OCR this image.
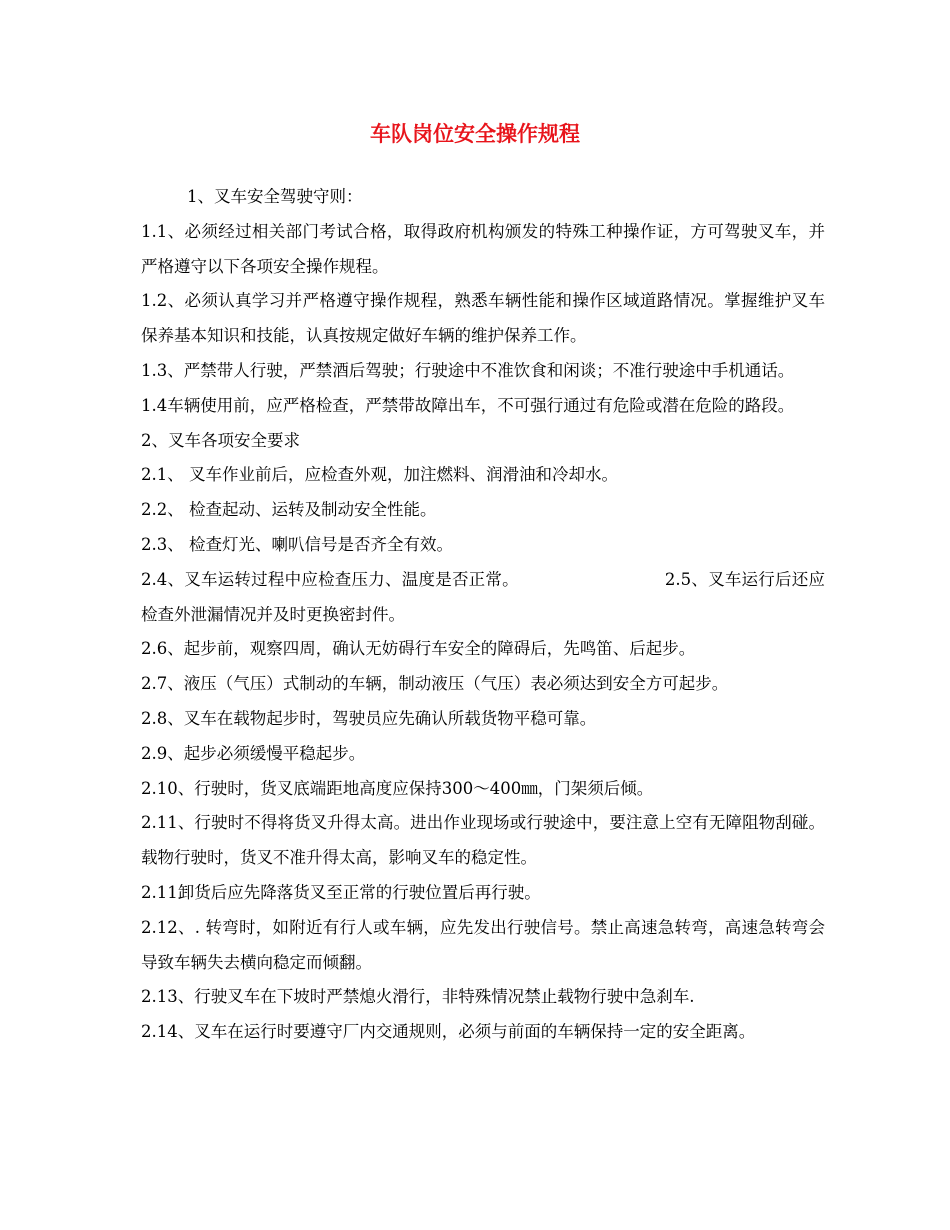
车队岗位安全操作规程

1、叉车安全驾驶守则：

1.1、必须经过相关部门考试合格，取得政府机构颁发的特殊工种操作证，方可驾驶叉车，并严格遵守以下各项安全操作规程。

1.2、必须认真学习并严格遵守操作规程，熟悉车辆性能和操作区域道路情况。掌握维护叉车保养基本知识和技能，认真按规定做好车辆的维护保养工作。

1.3、严禁带人行驶，严禁酒后驾驶；行驶途中不准饮食和闲谈；不准行驶途中手机通话。

1.4车辆使用前，应严格检查，严禁带故障出车，不可强行通过有危险或潜在危险的路段。

2、叉车各项安全要求

2.1、 叉车作业前后，应检查外观，加注燃料、润滑油和冷却水。

2.2、 检查起动、运转及制动安全性能。

2.3、 检查灯光、喇叭信号是否齐全有效。

2.4、叉车运转过程中应检查压力、温度是否正常。	2.5、叉车运行后还应检查外泄漏情况并及时更换密封件。

2.6、起步前，观察四周，确认无妨碍行车安全的障碍后，先鸣笛、后起步。

2.7、液压（气压）式制动的车辆，制动液压（气压）表必须达到安全方可起步。

2.8、叉车在载物起步时，驾驶员应先确认所载货物平稳可靠。

2.9、起步必须缓慢平稳起步。

2.10、行驶时，货叉底端距地高度应保持300～400㎜，门架须后倾。

2.11、行驶时不得将货叉升得太高。进出作业现场或行驶途中，要注意上空有无障阻物刮碰。载物行驶时，货叉不准升得太高，影响叉车的稳定性。

2.11卸货后应先降落货叉至正常的行驶位置后再行驶。

2.12、. 转弯时，如附近有行人或车辆，应先发出行驶信号。禁止高速急转弯，高速急转弯会导致车辆失去横向稳定而倾翻。

2.13、行驶叉车在下坡时严禁熄火滑行，非特殊情况禁止载物行驶中急刹车.

2.14、叉车在运行时要遵守厂内交通规则，必须与前面的车辆保持一定的安全距离。
